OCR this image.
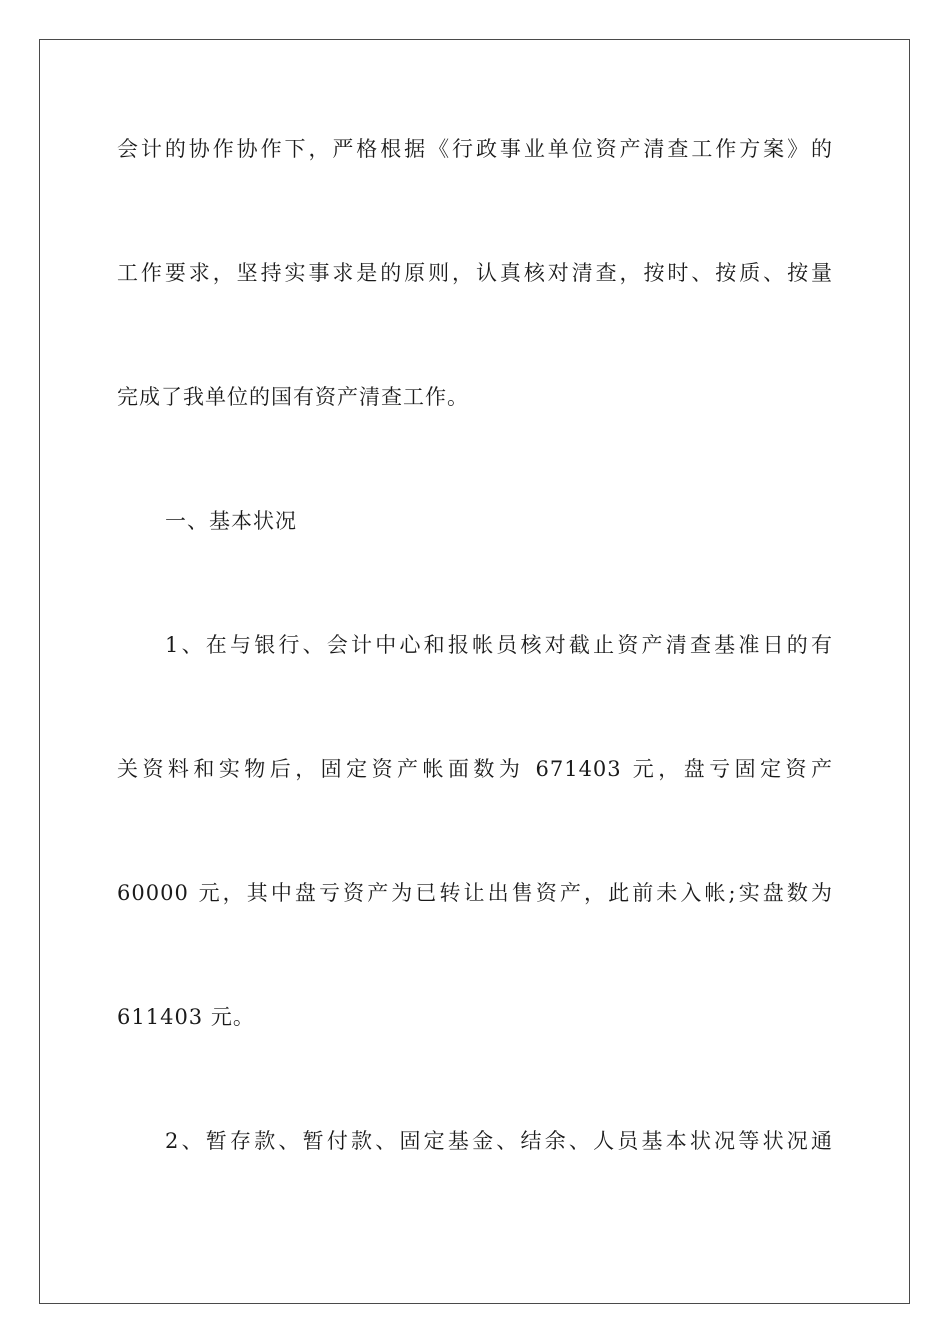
会计的协作协作下，严格根据《行政事业单位资产清查工作方案》的
工作要求，坚持实事求是的原则，认真核对清查，按时、按质、按量
完成了我单位的国有资产清查工作。
一、基本状况
1、在与银行、会计中心和报帐员核对截止资产清查基准日的有
关资料和实物后，固定资产帐面数为 671403 元，盘亏固定资产
60000 元，其中盘亏资产为已转让出售资产，此前未入帐;实盘数为
611403 元。
2、暂存款、暂付款、固定基金、结余、人员基本状况等状况通
